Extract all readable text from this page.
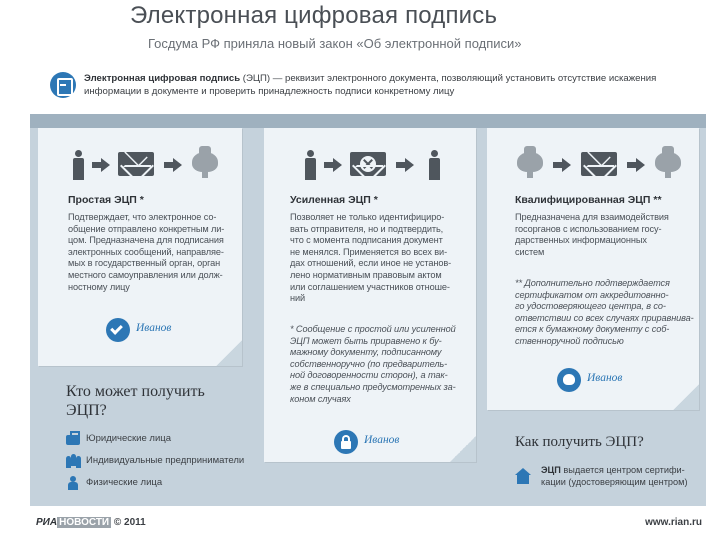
Электронная цифровая подпись
Госдума РФ приняла новый закон «Об электронной подписи»
Электронная цифровая подпись (ЭЦП) — реквизит электронного документа, позволяющий установить отсутствие искажения информации в документе и проверить принадлежность подписи конкретному лицу
Простая ЭЦП *
Подтверждает, что электронное со-
общение отправлено конкретным ли-
цом. Предназначена для подписания
электронных сообщений, направляе-
мых в государственный орган, орган
местного самоуправления или долж-
ностному лицу
Иванов
Усиленная ЭЦП *
Позволяет не только идентифициро-
вать отправителя, но и подтвердить,
что с момента подписания документ
не менялся. Применяется во всех ви-
дах отношений, если иное не установ-
лено нормативным правовым актом
или соглашением участников отноше-
ний
* Сообщение с простой или усиленной
ЭЦП может быть приравнено к бу-
мажному документу, подписанному
собственноручно (по предваритель-
ной договоренности сторон), а так-
же в специально предусмотренных за-
коном случаях
Иванов
Квалифицированная ЭЦП **
Предназначена для взаимодействия
госорганов с использованием госу-
дарственных информационных
систем
** Дополнительно подтверждается
сертификатом от аккредитовнно-
го удостоверяющего центра, в со-
ответствии со всех случаях приравнива-
ется к бумажному документу с соб-
ственноручной подписью
Иванов
Кто может получить
ЭЦП?
Юридические лица
Индивидуальные предприниматели
Физические лица
Как получить ЭЦП?
ЭЦП выдается центром сертифи- кации (удостоверяющим центром)
РИА НОВОСТИ © 2011	www.rian.ru
